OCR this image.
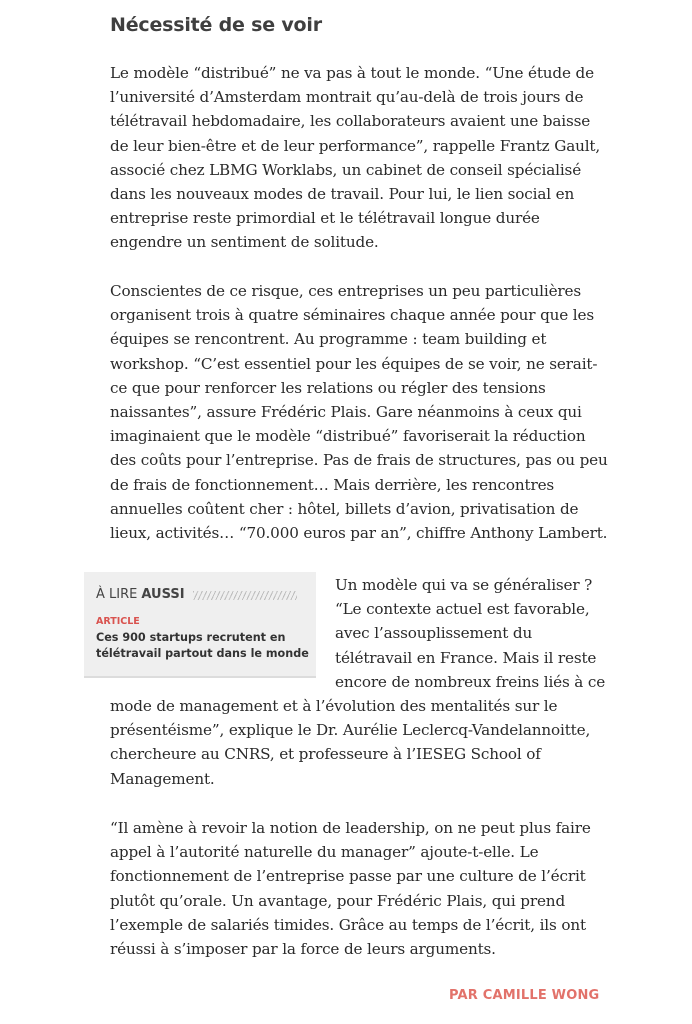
Nécessité de se voir

Le modèle “distribué” ne va pas à tout le monde. “Une étude de
l’université d’Amsterdam montrait qu’au-delà de trois jours de
télétravail hebdomadaire, les collaborateurs avaient une baisse
de leur bien-être et de leur performance”, rappelle Frantz Gault,
associé chez LBMG Worklabs, un cabinet de conseil spécialisé
dans les nouveaux modes de travail. Pour lui, le lien social en
entreprise reste primordial et le télétravail longue durée
engendre un sentiment de solitude.

Conscientes de ce risque, ces entreprises un peu particulières
organisent trois à quatre séminaires chaque année pour que les
équipes se rencontrent. Au programme : team building et
workshop. “C’est essentiel pour les équipes de se voir, ne serait-
ce que pour renforcer les relations ou régler des tensions
naissantes”, assure Frédéric Plais. Gare néanmoins à ceux qui
imaginaient que le modèle “distribué” favoriserait la réduction
des coûts pour l’entreprise. Pas de frais de structures, pas ou peu
de frais de fonctionnement… Mais derrière, les rencontres
annuelles coûtent cher : hôtel, billets d’avion, privatisation de
lieux, activités… “70.000 euros par an”, chiffre Anthony Lambert.

À LIRE AUSSI
ARTICLE
Ces 900 startups recrutent en
télétravail partout dans le monde

Un modèle qui va se généraliser ?
“Le contexte actuel est favorable,
avec l’assouplissement du
télétravail en France. Mais il reste
encore de nombreux freins liés à ce

mode de management et à l’évolution des mentalités sur le
présentéisme”, explique le Dr. Aurélie Leclercq-Vandelannoitte,
chercheure au CNRS, et professeure à l’IESEG School of
Management.

“Il amène à revoir la notion de leadership, on ne peut plus faire
appel à l’autorité naturelle du manager” ajoute-t-elle. Le
fonctionnement de l’entreprise passe par une culture de l’écrit
plutôt qu’orale. Un avantage, pour Frédéric Plais, qui prend
l’exemple de salariés timides. Grâce au temps de l’écrit, ils ont
réussi à s’imposer par la force de leurs arguments.

PAR CAMILLE WONG
